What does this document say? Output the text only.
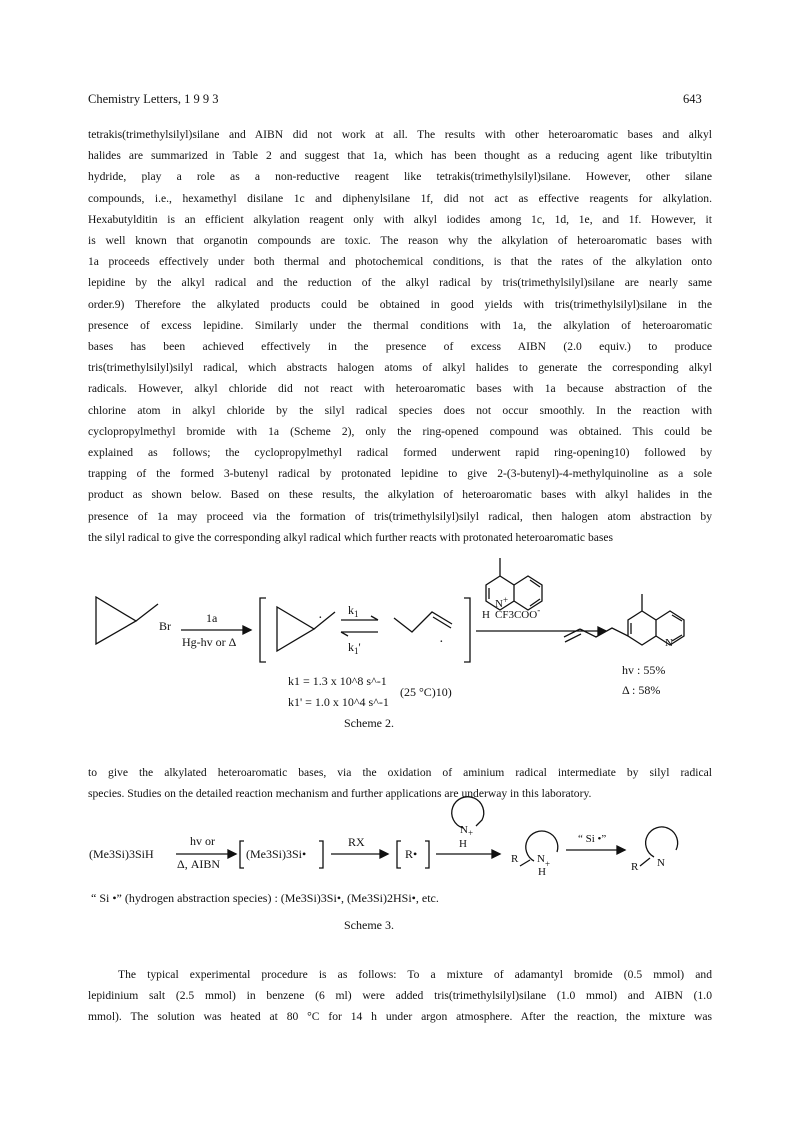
Chemistry Letters, 1 9 9 3	643
tetrakis(trimethylsilyl)silane and AIBN did not work at all. The results with other heteroaromatic bases and alkyl
halides are summarized in Table 2 and suggest that 1a, which has been thought as a reducing agent like tributyltin
hydride, play a role as a non-reductive reagent like tetrakis(trimethylsilyl)silane. However, other silane
compounds, i.e., hexamethyl disilane 1c and diphenylsilane 1f, did not act as effective reagents for alkylation.
Hexabutylditin is an efficient alkylation reagent only with alkyl iodides among 1c, 1d, 1e, and 1f. However, it
is well known that organotin compounds are toxic. The reason why the alkylation of heteroaromatic bases with
1a proceeds effectively under both thermal and photochemical conditions, is that the rates of the alkylation onto
lepidine by the alkyl radical and the reduction of the alkyl radical by tris(trimethylsilyl)silane are nearly same
order.9) Therefore the alkylated products could be obtained in good yields with tris(trimethylsilyl)silane in the
presence of excess lepidine. Similarly under the thermal conditions with 1a, the alkylation of heteroaromatic
bases has been achieved effectively in the presence of excess AIBN (2.0 equiv.) to produce
tris(trimethylsilyl)silyl radical, which abstracts halogen atoms of alkyl halides to generate the corresponding alkyl
radicals. However, alkyl chloride did not react with heteroaromatic bases with 1a because abstraction of the
chlorine atom in alkyl chloride by the silyl radical species does not occur smoothly. In the reaction with
cyclopropylmethyl bromide with 1a (Scheme 2), only the ring-opened compound was obtained. This could be
explained as follows; the cyclopropylmethyl radical formed underwent rapid ring-opening10) followed by
trapping of the formed 3-butenyl radical by protonated lepidine to give 2-(3-butenyl)-4-methylquinoline as a sole
product as shown below. Based on these results, the alkylation of heteroaromatic bases with alkyl halides in the
presence of 1a may proceed via the formation of tris(trimethylsilyl)silyl radical, then halogen atom abstraction by
the silyl radical to give the corresponding alkyl radical which further reacts with protonated heteroaromatic bases
Br
1a
Hg-hv or Δ
·
·
$k_1$
$k_1'$
N+
H CF3COO-
N
k1 = 1.3 x 10^8 s^-1
k1' = 1.0 x 10^4 s^-1
(25 °C)10)
hv : 55%
Δ : 58%
Scheme 2.
(Me3Si)3SiH
hv or
Δ, AIBN
(Me3Si)3Si•
RX
R•
$N_+$
H
R $N_+$
H
“ Si •”
R N
“ Si •” (hydrogen abstraction species) : (Me3Si)3Si•, (Me3Si)2HSi•, etc.
Scheme 3.
to give the alkylated heteroaromatic bases, via the oxidation of aminium radical intermediate by silyl radical
species. Studies on the detailed reaction mechanism and further applications are underway in this laboratory.
The typical experimental procedure is as follows: To a mixture of adamantyl bromide (0.5 mmol) and
lepidinium salt (2.5 mmol) in benzene (6 ml) were added tris(trimethylsilyl)silane (1.0 mmol) and AIBN (1.0
mmol). The solution was heated at 80 °C for 14 h under argon atmosphere. After the reaction, the mixture was
